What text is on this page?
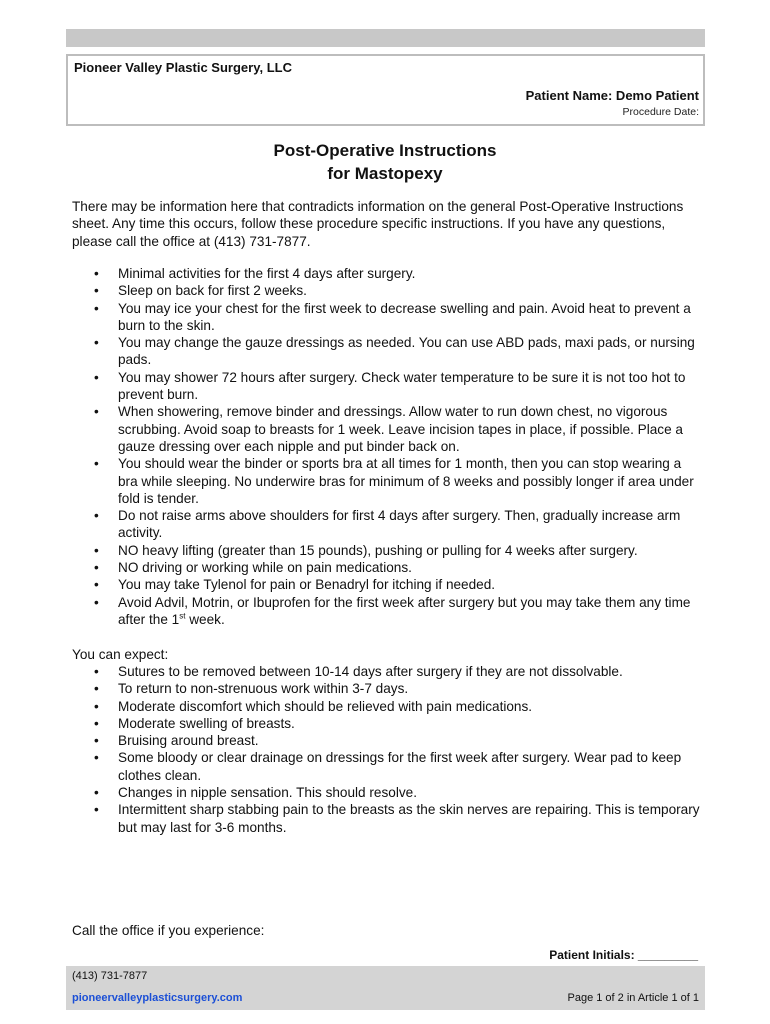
Pioneer Valley Plastic Surgery, LLC
Patient Name: Demo Patient
Procedure Date:
Post-Operative Instructions
for Mastopexy
There may be information here that contradicts information on the general Post-Operative Instructions sheet. Any time this occurs, follow these procedure specific instructions. If you have any questions, please call the office at (413) 731-7877.
• Minimal activities for the first 4 days after surgery.
• Sleep on back for first 2 weeks.
• You may ice your chest for the first week to decrease swelling and pain. Avoid heat to prevent a burn to the skin.
• You may change the gauze dressings as needed. You can use ABD pads, maxi pads, or nursing pads.
• You may shower 72 hours after surgery. Check water temperature to be sure it is not too hot to prevent burn.
• When showering, remove binder and dressings. Allow water to run down chest, no vigorous scrubbing. Avoid soap to breasts for 1 week. Leave incision tapes in place, if possible. Place a gauze dressing over each nipple and put binder back on.
• You should wear the binder or sports bra at all times for 1 month, then you can stop wearing a bra while sleeping. No underwire bras for minimum of 8 weeks and possibly longer if area under fold is tender.
• Do not raise arms above shoulders for first 4 days after surgery. Then, gradually increase arm activity.
• NO heavy lifting (greater than 15 pounds), pushing or pulling for 4 weeks after surgery.
• NO driving or working while on pain medications.
• You may take Tylenol for pain or Benadryl for itching if needed.
• Avoid Advil, Motrin, or Ibuprofen for the first week after surgery but you may take them any time after the 1st week.
You can expect:
• Sutures to be removed between 10-14 days after surgery if they are not dissolvable.
• To return to non-strenuous work within 3-7 days.
• Moderate discomfort which should be relieved with pain medications.
• Moderate swelling of breasts.
• Bruising around breast.
• Some bloody or clear drainage on dressings for the first week after surgery. Wear pad to keep clothes clean.
• Changes in nipple sensation. This should resolve.
• Intermittent sharp stabbing pain to the breasts as the skin nerves are repairing. This is temporary but may last for 3-6 months.
Call the office if you experience:
Patient Initials: _________
(413) 731-7877
pioneervalleyplasticsurgery.com	Page 1 of 2 in Article 1 of 1
